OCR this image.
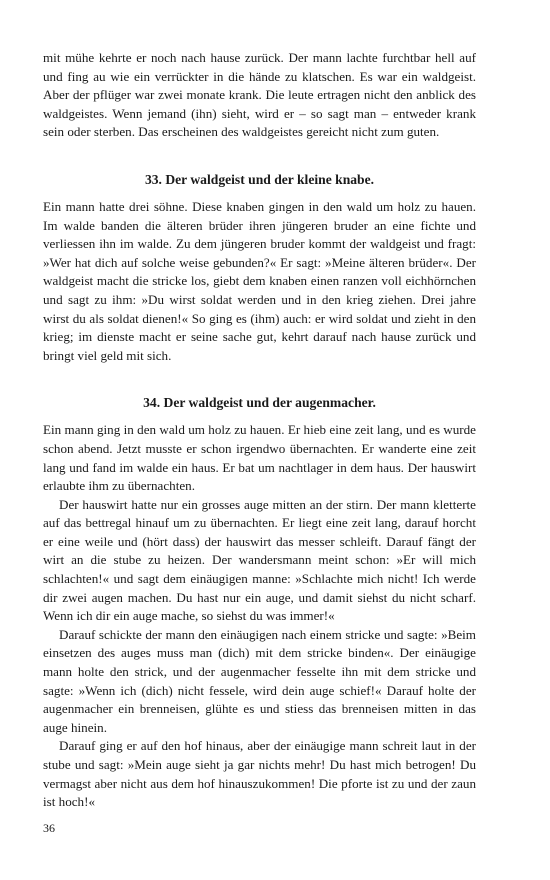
mit mühe kehrte er noch nach hause zurück. Der mann lachte furchtbar hell auf und fing au wie ein verrückter in die hände zu klatschen. Es war ein waldgeist. Aber der pflüger war zwei monate krank. Die leute ertragen nicht den anblick des waldgeistes. Wenn jemand (ihn) sieht, wird er – so sagt man – entweder krank sein oder sterben. Das erscheinen des waldgeistes gereicht nicht zum guten.

33. Der waldgeist und der kleine knabe.

Ein mann hatte drei söhne. Diese knaben gingen in den wald um holz zu hauen. Im walde banden die älteren brüder ihren jüngeren bruder an eine fichte und verliessen ihn im walde. Zu dem jüngeren bruder kommt der waldgeist und fragt: »Wer hat dich auf solche weise gebunden?« Er sagt: »Meine älteren brüder«. Der waldgeist macht die stricke los, giebt dem knaben einen ranzen voll eichhörnchen und sagt zu ihm: »Du wirst soldat werden und in den krieg ziehen. Drei jahre wirst du als soldat dienen!« So ging es (ihm) auch: er wird soldat und zieht in den krieg; im dienste macht er seine sache gut, kehrt darauf nach hause zurück und bringt viel geld mit sich.

34. Der waldgeist und der augenmacher.

Ein mann ging in den wald um holz zu hauen. Er hieb eine zeit lang, und es wurde schon abend. Jetzt musste er schon irgendwo übernachten. Er wanderte eine zeit lang und fand im walde ein haus. Er bat um nachtlager in dem haus. Der hauswirt erlaubte ihm zu übernachten.

Der hauswirt hatte nur ein grosses auge mitten an der stirn. Der mann kletterte auf das bettregal hinauf um zu übernachten. Er liegt eine zeit lang, darauf horcht er eine weile und (hört dass) der hauswirt das messer schleift. Darauf fängt der wirt an die stube zu heizen. Der wandersmann meint schon: »Er will mich schlachten!« und sagt dem einäugigen manne: »Schlachte mich nicht! Ich werde dir zwei augen machen. Du hast nur ein auge, und damit siehst du nicht scharf. Wenn ich dir ein auge mache, so siehst du was immer!«

Darauf schickte der mann den einäugigen nach einem stricke und sagte: »Beim einsetzen des auges muss man (dich) mit dem stricke binden«. Der einäugige mann holte den strick, und der augenmacher fesselte ihn mit dem stricke und sagte: »Wenn ich (dich) nicht fessele, wird dein auge schief!« Darauf holte der augenmacher ein brenneisen, glühte es und stiess das brenneisen mitten in das auge hinein.

Darauf ging er auf den hof hinaus, aber der einäugige mann schreit laut in der stube und sagt: »Mein auge sieht ja gar nichts mehr! Du hast mich betrogen! Du vermagst aber nicht aus dem hof hinauszukommen! Die pforte ist zu und der zaun ist hoch!«

36
